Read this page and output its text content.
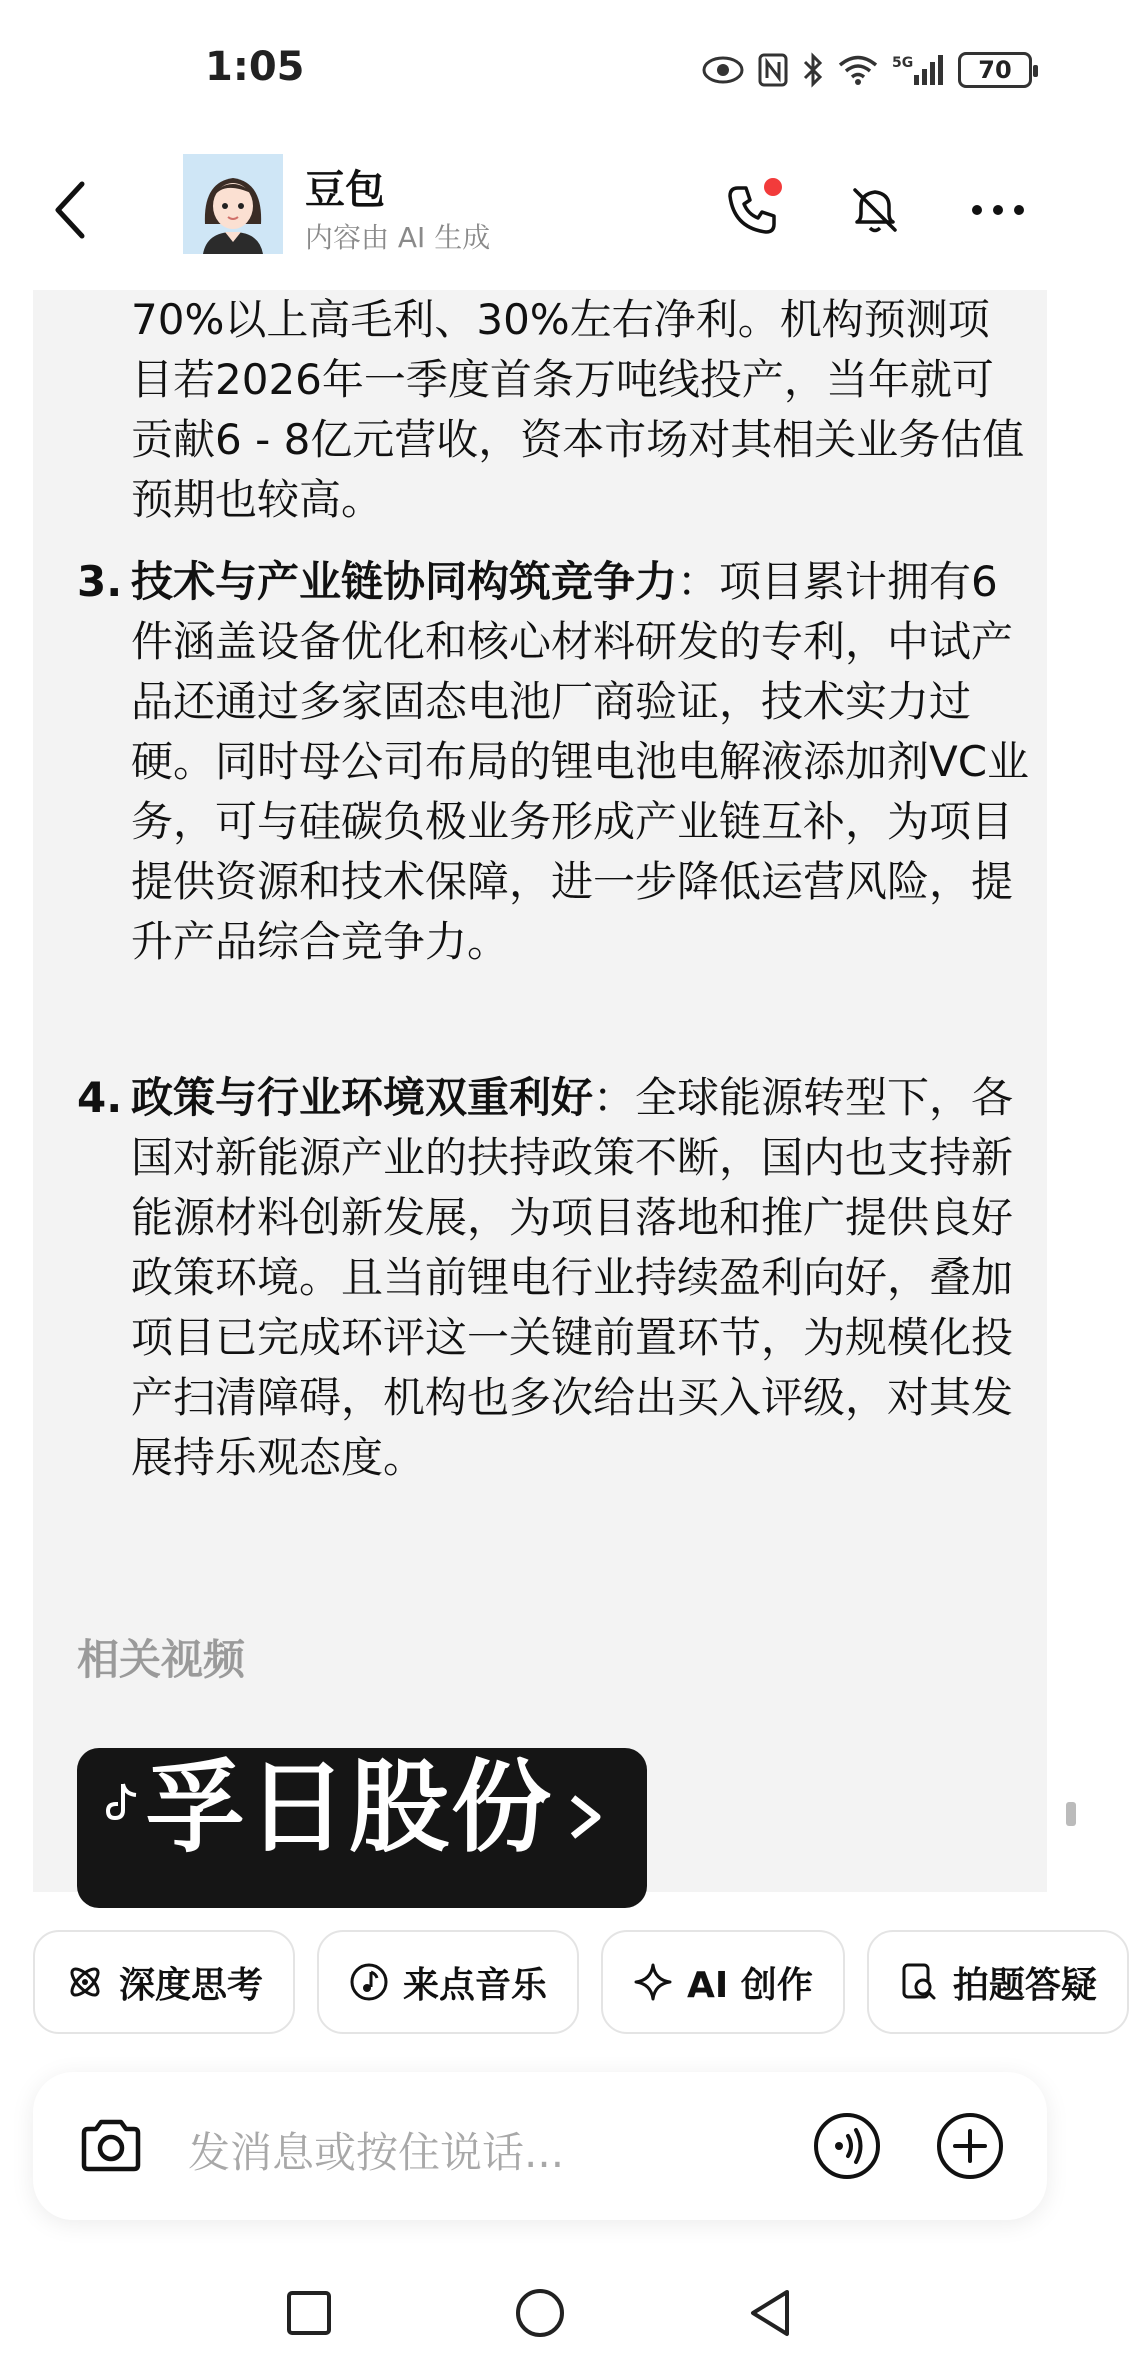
1:05	5G	70
豆包
内容由 AI 生成
70%以上高毛利、30%左右净利。机构预测项目若2026年一季度首条万吨线投产，当年就可贡献6 - 8亿元营收，资本市场对其相关业务估值预期也较高。
3. 技术与产业链协同构筑竞争力：项目累计拥有6件涵盖设备优化和核心材料研发的专利，中试产品还通过多家固态电池厂商验证，技术实力过硬。同时母公司布局的锂电池电解液添加剂VC业务，可与硅碳负极业务形成产业链互补，为项目提供资源和技术保障，进一步降低运营风险，提升产品综合竞争力。
4. 政策与行业环境双重利好：全球能源转型下，各国对新能源产业的扶持政策不断，国内也支持新能源材料创新发展，为项目落地和推广提供良好政策环境。且当前锂电行业持续盈利向好，叠加项目已完成环评这一关键前置环节，为规模化投产扫清障碍，机构也多次给出买入评级，对其发展持乐观态度。
相关视频
孚日股份
深度思考	来点音乐	AI 创作	拍题答疑
发消息或按住说话...
